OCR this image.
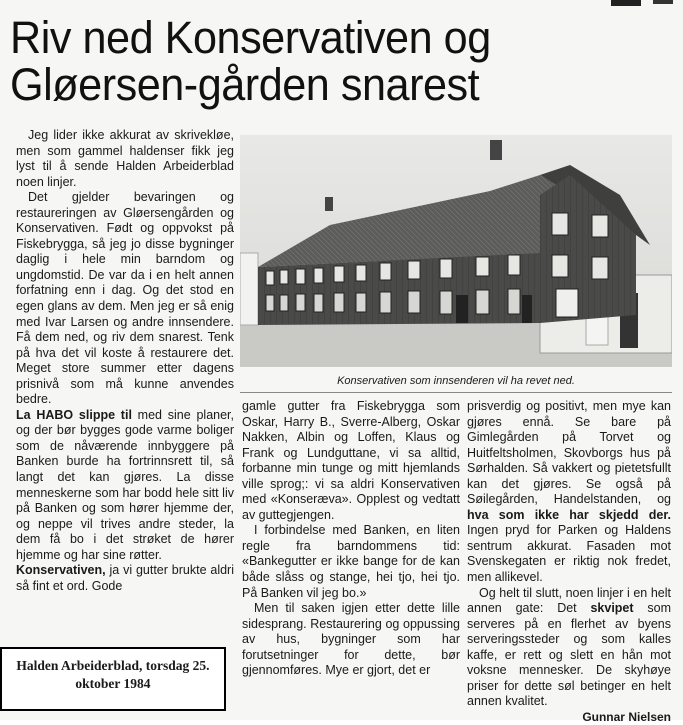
Riv ned Konservativen og Gløersen-gården snarest

Jeg lider ikke akkurat av skrivekløe, men som gammel haldenser fikk jeg lyst til å sende Halden Arbeiderblad noen linjer.

Det gjelder bevaringen og restaureringen av Gløersengården og Konservativen. Født og oppvokst på Fiskebrygga, så jeg jo disse bygninger daglig i hele min barndom og ungdomstid. De var da i en helt annen forfatning enn i dag. Og det stod en egen glans av dem. Men jeg er så enig med Ivar Larsen og andre innsendere. Få dem ned, og riv dem snarest. Tenk på hva det vil koste å restaurere det. Meget store summer etter dagens prisnivå som må kunne anvendes bedre.

La HABO slippe til med sine planer, og der bør bygges gode varme boliger som de nåværende innbyggere på Banken burde ha fortrinnsrett til, så langt det kan gjøres. La disse menneskerne som har bodd hele sitt liv på Banken og som hører hjemme der, og neppe vil trives andre steder, la dem få bo i det strøket de hører hjemme og har sine røtter.

Konservativen, ja vi gutter brukte aldri så fint et ord. Gode

Konservativen som innsenderen vil ha revet ned.

gamle gutter fra Fiskebrygga som Oskar, Harry B., Sverre-Alberg, Oskar Nakken, Albin og Loffen, Klaus og Frank og Lundguttane, vi sa alltid, forbanne min tunge og mitt hjemlands ville sprog;: vi sa aldri Konservativen med «Konseræva». Opplest og vedtatt av guttegjengen.

I forbindelse med Banken, en liten regle fra barndommens tid: «Bankegutter er ikke bange for de kan både slåss og stange, hei tjo, hei tjo. På Banken vil jeg bo.»

Men til saken igjen etter dette lille sidesprang. Restaurering og oppussing av hus, bygninger som har forutsetninger for dette, bør gjennomføres. Mye er gjort, det er

prisverdig og positivt, men mye kan gjøres ennå. Se bare på Gimlegården på Torvet og Huitfeltsholmen, Skovborgs hus på Sørhalden. Så vakkert og pietetsfullt kan det gjøres. Se også på Søilegården, Handelstanden, og hva som ikke har skjedd der. Ingen pryd for Parken og Haldens sentrum akkurat. Fasaden mot Svenskegaten er riktig nok fredet, men allikevel.

Og helt til slutt, noen linjer i en helt annen gate: Det skvipet som serveres på en flerhet av byens serveringssteder og som kalles kaffe, er rett og slett en hån mot voksne mennesker. De skyhøye priser for dette søl betinger en helt annen kvalitet.

Gunnar Nielsen

Halden Arbeiderblad, torsdag 25.
oktober 1984
